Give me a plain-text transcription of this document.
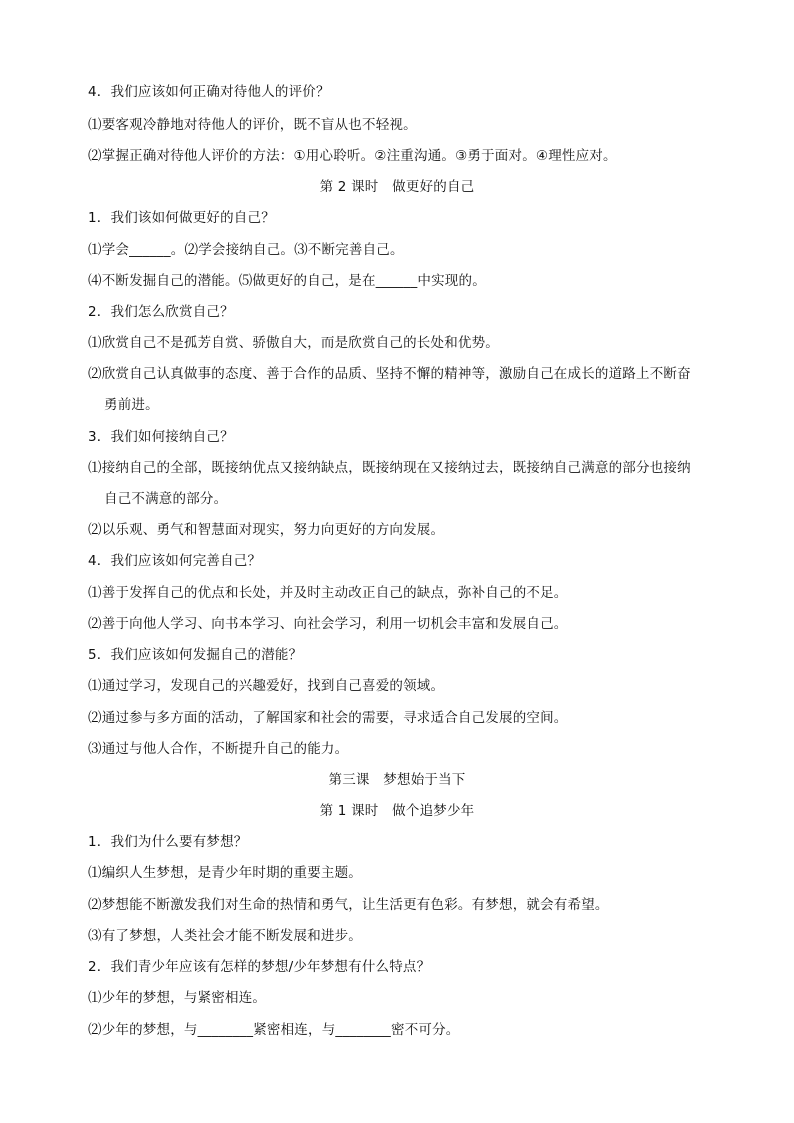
4．我们应该如何正确对待他人的评价？
⑴要客观冷静地对待他人的评价，既不盲从也不轻视。
⑵掌握正确对待他人评价的方法：①用心聆听。②注重沟通。③勇于面对。④理性应对。
第 2 课时　做更好的自己
1．我们该如何做更好的自己？
⑴学会______。⑵学会接纳自己。⑶不断完善自己。
⑷不断发掘自己的潜能。⑸做更好的自己，是在______中实现的。
2．我们怎么欣赏自己？
⑴欣赏自己不是孤芳自赏、骄傲自大，而是欣赏自己的长处和优势。
⑵欣赏自己认真做事的态度、善于合作的品质、坚持不懈的精神等，激励自己在成长的道路上不断奋
勇前进。
3．我们如何接纳自己？
⑴接纳自己的全部，既接纳优点又接纳缺点，既接纳现在又接纳过去，既接纳自己满意的部分也接纳
自己不满意的部分。
⑵以乐观、勇气和智慧面对现实，努力向更好的方向发展。
4．我们应该如何完善自己？
⑴善于发挥自己的优点和长处，并及时主动改正自己的缺点，弥补自己的不足。
⑵善于向他人学习、向书本学习、向社会学习，利用一切机会丰富和发展自己。
5．我们应该如何发掘自己的潜能？
⑴通过学习，发现自己的兴趣爱好，找到自己喜爱的领域。
⑵通过参与多方面的活动，了解国家和社会的需要，寻求适合自己发展的空间。
⑶通过与他人合作，不断提升自己的能力。
第三课　梦想始于当下
第 1 课时　做个追梦少年
1．我们为什么要有梦想？
⑴编织人生梦想，是青少年时期的重要主题。
⑵梦想能不断激发我们对生命的热情和勇气，让生活更有色彩。有梦想，就会有希望。
⑶有了梦想，人类社会才能不断发展和进步。
2．我们青少年应该有怎样的梦想/少年梦想有什么特点？
⑴少年的梦想，与紧密相连。
⑵少年的梦想，与________紧密相连，与________密不可分。
